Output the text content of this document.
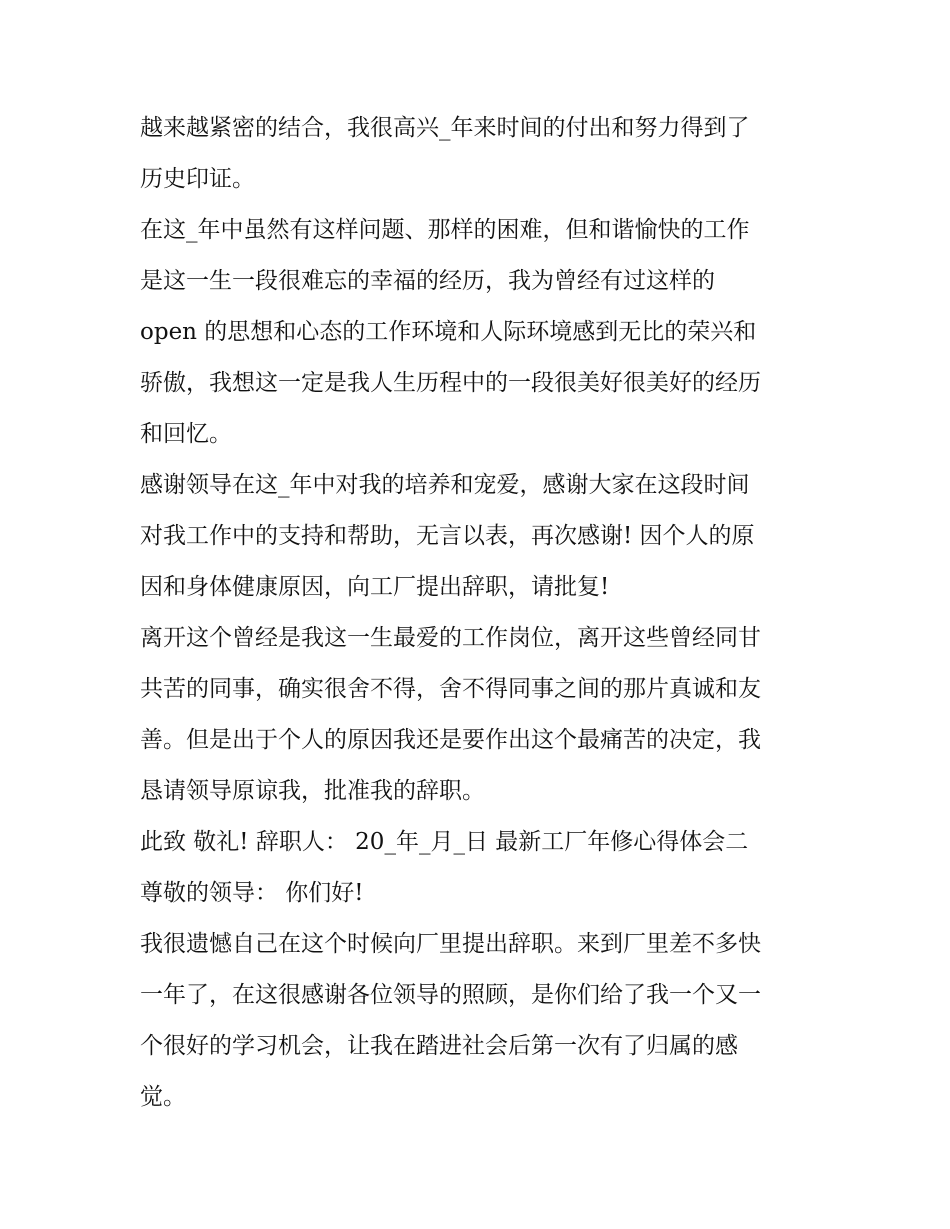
越来越紧密的结合，我很高兴_年来时间的付出和努力得到了
历史印证。
在这_年中虽然有这样问题、那样的困难，但和谐愉快的工作
是这一生一段很难忘的幸福的经历，我为曾经有过这样的
open 的思想和心态的工作环境和人际环境感到无比的荣兴和
骄傲，我想这一定是我人生历程中的一段很美好很美好的经历
和回忆。
感谢领导在这_年中对我的培养和宠爱，感谢大家在这段时间
对我工作中的支持和帮助，无言以表，再次感谢! 因个人的原
因和身体健康原因，向工厂提出辞职，请批复!
离开这个曾经是我这一生最爱的工作岗位，离开这些曾经同甘
共苦的同事，确实很舍不得，舍不得同事之间的那片真诚和友
善。但是出于个人的原因我还是要作出这个最痛苦的决定，我
恳请领导原谅我，批准我的辞职。
此致 敬礼! 辞职人： 20_年_月_日 最新工厂年修心得体会二
尊敬的领导： 你们好!
我很遗憾自己在这个时候向厂里提出辞职。来到厂里差不多快
一年了，在这很感谢各位领导的照顾，是你们给了我一个又一
个很好的学习机会，让我在踏进社会后第一次有了归属的感
觉。
